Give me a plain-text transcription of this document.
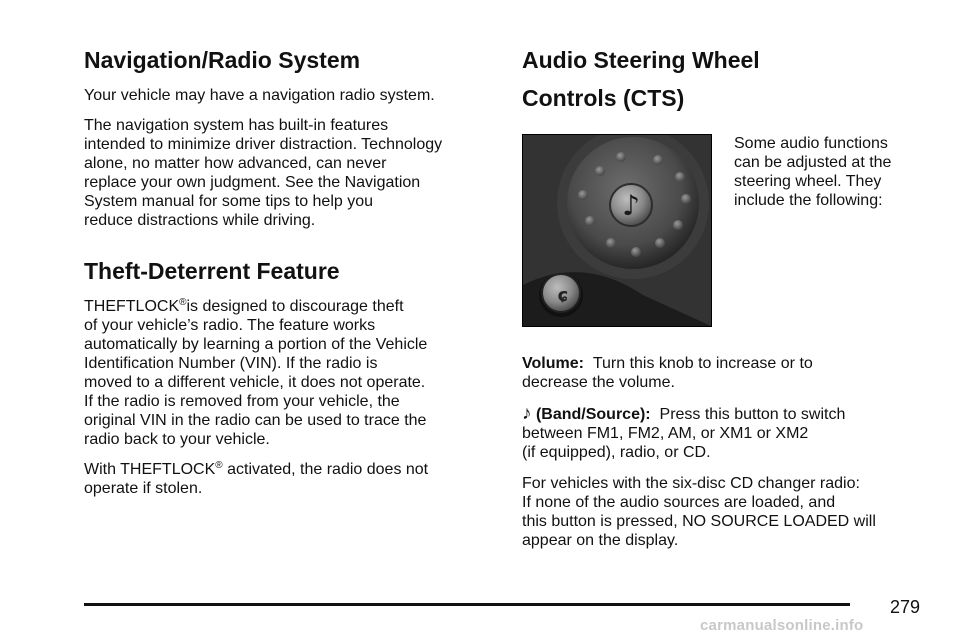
Navigation/Radio System

Your vehicle may have a navigation radio system.

The navigation system has built-in features
intended to minimize driver distraction. Technology
alone, no matter how advanced, can never
replace your own judgment. See the Navigation
System manual for some tips to help you
reduce distractions while driving.

Theft-Deterrent Feature

THEFTLOCK®is designed to discourage theft
of your vehicle’s radio. The feature works
automatically by learning a portion of the Vehicle
Identification Number (VIN). If the radio is
moved to a different vehicle, it does not operate.
If the radio is removed from your vehicle, the
original VIN in the radio can be used to trace the
radio back to your vehicle.

With THEFTLOCK® activated, the radio does not
operate if stolen.

Audio Steering Wheel
Controls (CTS)
♪
ɕ

Some audio functions
can be adjusted at the
steering wheel. They
include the following:

Volume: Turn this knob to increase or to
decrease the volume.

♪ (Band/Source): Press this button to switch
between FM1, FM2, AM, or XM1 or XM2
(if equipped), radio, or CD.

For vehicles with the six-disc CD changer radio:
If none of the audio sources are loaded, and
this button is pressed, NO SOURCE LOADED will
appear on the display.

279
carmanualsonline.info
